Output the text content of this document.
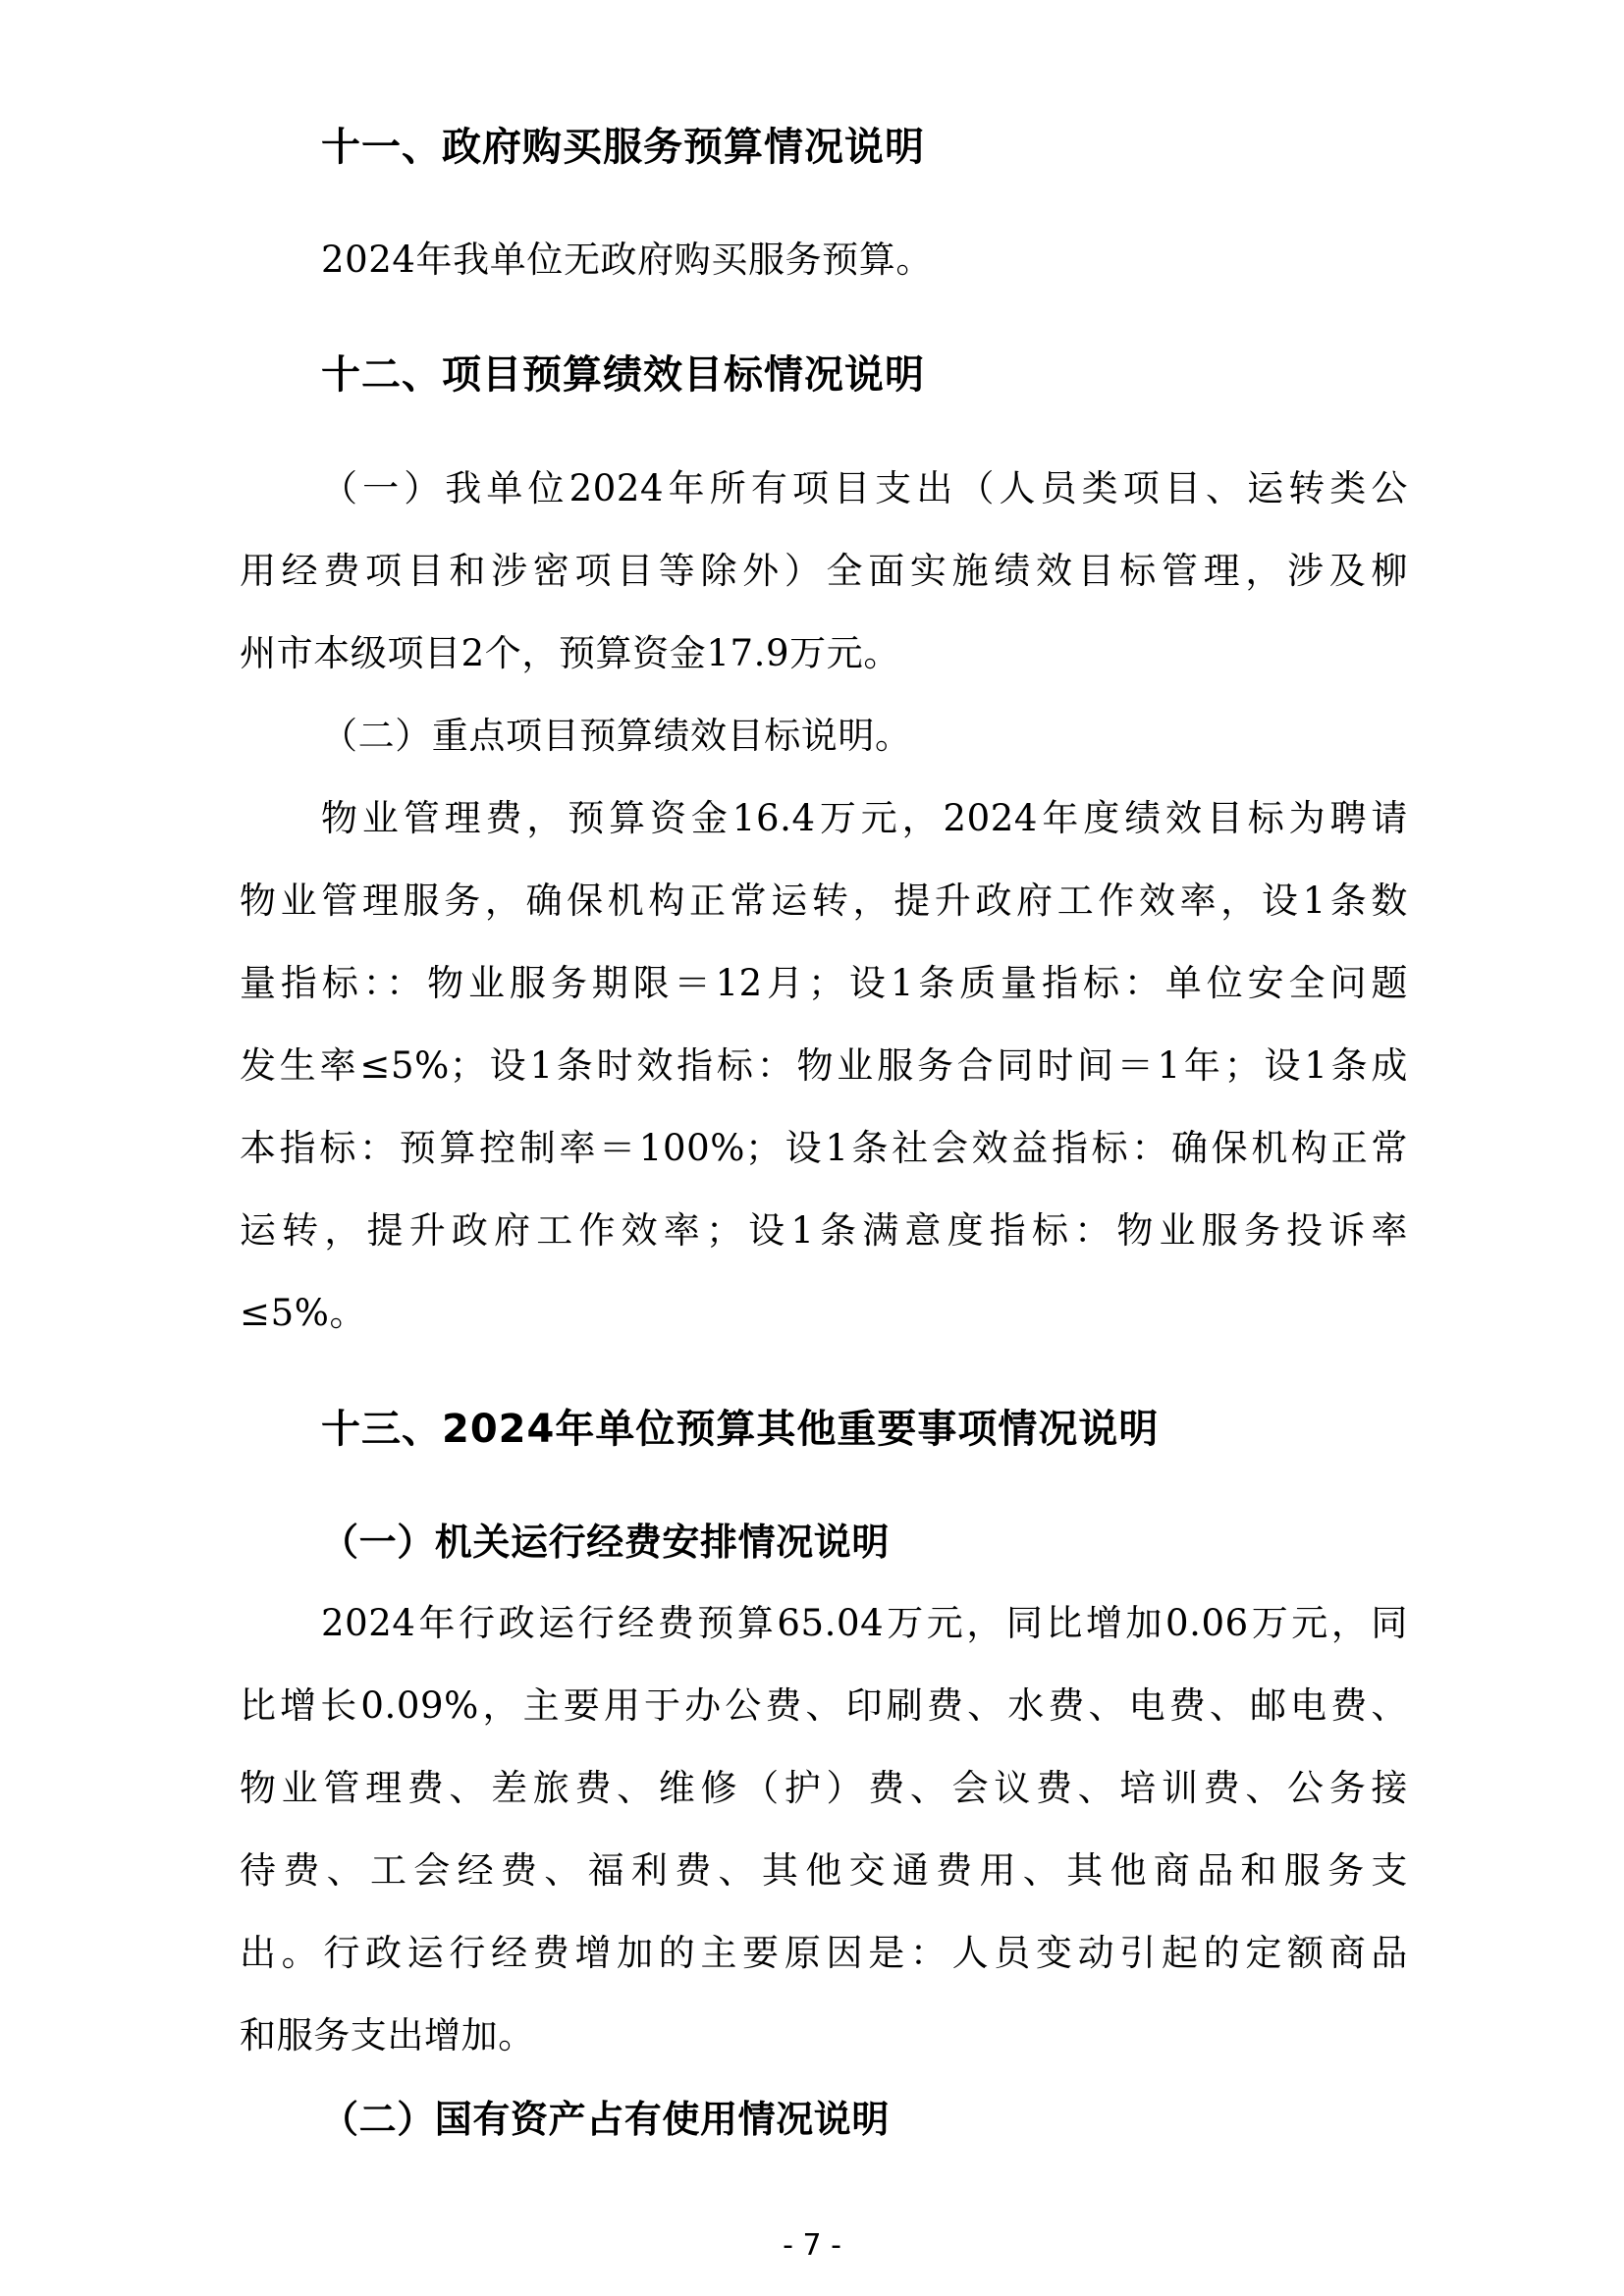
十一、政府购买服务预算情况说明

2024年我单位无政府购买服务预算。

十二、项目预算绩效目标情况说明

（一）我单位2024年所有项目支出（人员类项目、运转类公

用经费项目和涉密项目等除外）全面实施绩效目标管理，涉及柳

州市本级项目2个，预算资金17.9万元。

（二）重点项目预算绩效目标说明。

物业管理费，预算资金16.4万元，2024年度绩效目标为聘请

物业管理服务，确保机构正常运转，提升政府工作效率，设1条数

量指标：：物业服务期限＝12月；设1条质量指标：单位安全问题

发生率≤5%；设1条时效指标：物业服务合同时间＝1年；设1条成

本指标：预算控制率＝100%；设1条社会效益指标：确保机构正常

运转，提升政府工作效率；设1条满意度指标：物业服务投诉率

≤5%。

十三、2024年单位预算其他重要事项情况说明
（一）机关运行经费安排情况说明

2024年行政运行经费预算65.04万元，同比增加0.06万元，同

比增长0.09%，主要用于办公费、印刷费、水费、电费、邮电费、

物业管理费、差旅费、维修（护）费、会议费、培训费、公务接

待费、工会经费、福利费、其他交通费用、其他商品和服务支

出。行政运行经费增加的主要原因是：人员变动引起的定额商品

和服务支出增加。

（二）国有资产占有使用情况说明
- 7 -
